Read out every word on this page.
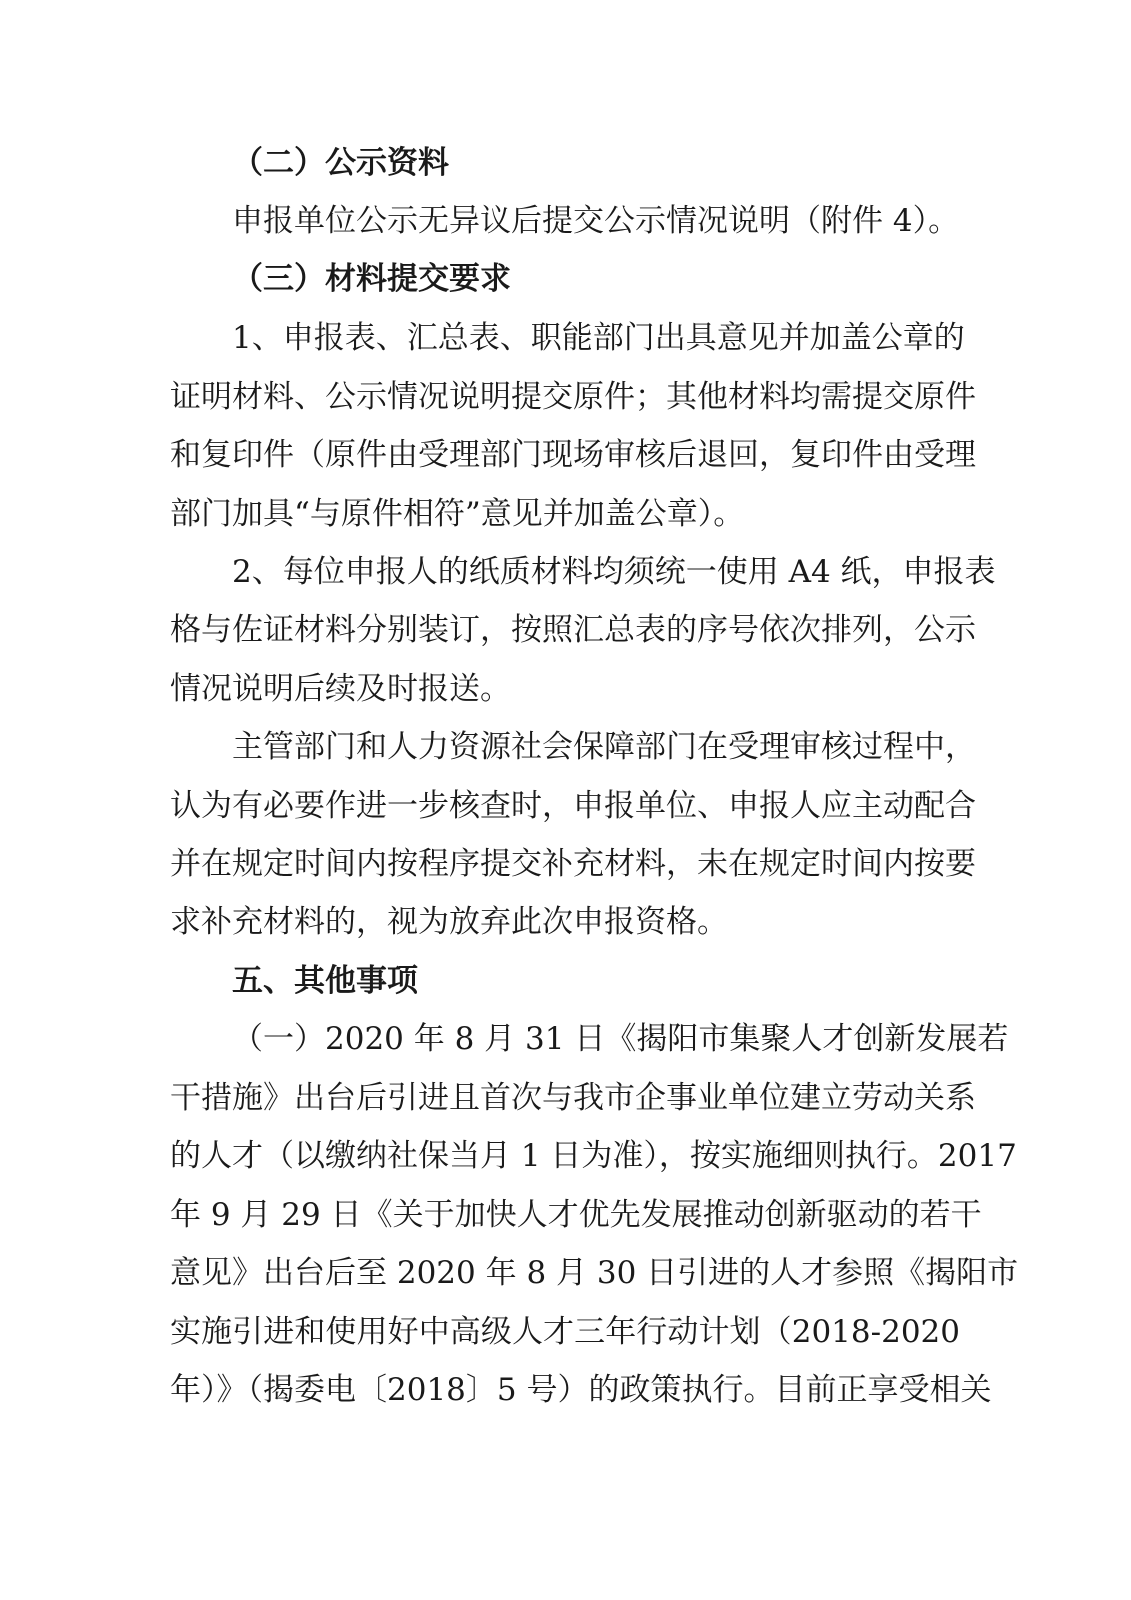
（二）公示资料
申报单位公示无异议后提交公示情况说明（附件 4）。
（三）材料提交要求
1、申报表、汇总表、职能部门出具意见并加盖公章的
证明材料、公示情况说明提交原件；其他材料均需提交原件
和复印件（原件由受理部门现场审核后退回，复印件由受理
部门加具“与原件相符”意见并加盖公章）。
2、每位申报人的纸质材料均须统一使用 A4 纸，申报表
格与佐证材料分别装订，按照汇总表的序号依次排列，公示
情况说明后续及时报送。
主管部门和人力资源社会保障部门在受理审核过程中，
认为有必要作进一步核查时，申报单位、申报人应主动配合
并在规定时间内按程序提交补充材料，未在规定时间内按要
求补充材料的，视为放弃此次申报资格。
五、其他事项
（一）2020 年 8 月 31 日《揭阳市集聚人才创新发展若
干措施》出台后引进且首次与我市企事业单位建立劳动关系
的人才（以缴纳社保当月 1 日为准），按实施细则执行。2017
年 9 月 29 日《关于加快人才优先发展推动创新驱动的若干
意见》出台后至 2020 年 8 月 30 日引进的人才参照《揭阳市
实施引进和使用好中高级人才三年行动计划（2018-2020
年）》（揭委电〔2018〕5 号）的政策执行。目前正享受相关
